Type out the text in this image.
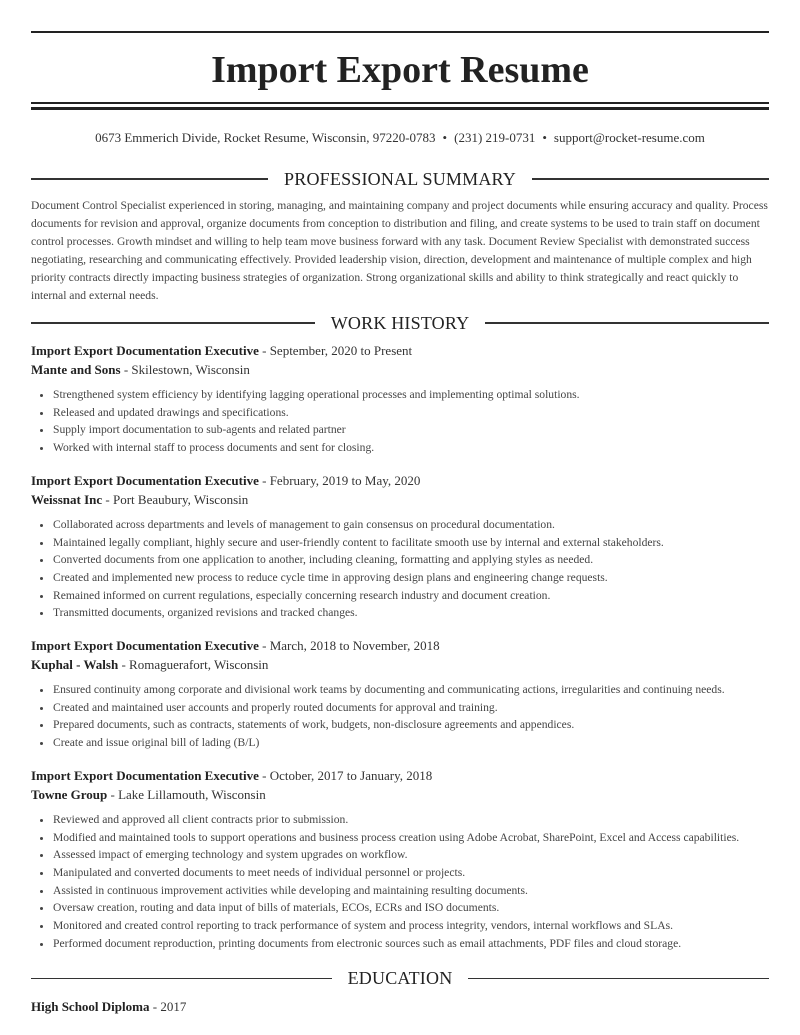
Import Export Resume
0673 Emmerich Divide, Rocket Resume, Wisconsin, 97220-0783 • (231) 219-0731 • support@rocket-resume.com
PROFESSIONAL SUMMARY

Document Control Specialist experienced in storing, managing, and maintaining company and project documents while ensuring accuracy and quality. Process documents for revision and approval, organize documents from conception to distribution and filing, and create systems to be used to train staff on document control processes. Growth mindset and willing to help team move business forward with any task. Document Review Specialist with demonstrated success negotiating, researching and communicating effectively. Provided leadership vision, direction, development and maintenance of multiple complex and high priority contracts directly impacting business strategies of organization. Strong organizational skills and ability to think strategically and react quickly to internal and external needs.

WORK HISTORY
Import Export Documentation Executive - September, 2020 to Present
Mante and Sons - Skilestown, Wisconsin
• Strengthened system efficiency by identifying lagging operational processes and implementing optimal solutions.
• Released and updated drawings and specifications.
• Supply import documentation to sub-agents and related partner
• Worked with internal staff to process documents and sent for closing.
Import Export Documentation Executive - February, 2019 to May, 2020
Weissnat Inc - Port Beaubury, Wisconsin
• Collaborated across departments and levels of management to gain consensus on procedural documentation.
• Maintained legally compliant, highly secure and user-friendly content to facilitate smooth use by internal and external stakeholders.
• Converted documents from one application to another, including cleaning, formatting and applying styles as needed.
• Created and implemented new process to reduce cycle time in approving design plans and engineering change requests.
• Remained informed on current regulations, especially concerning research industry and document creation.
• Transmitted documents, organized revisions and tracked changes.
Import Export Documentation Executive - March, 2018 to November, 2018
Kuphal - Walsh - Romaguerafort, Wisconsin
• Ensured continuity among corporate and divisional work teams by documenting and communicating actions, irregularities and continuing needs.
• Created and maintained user accounts and properly routed documents for approval and training.
• Prepared documents, such as contracts, statements of work, budgets, non-disclosure agreements and appendices.
• Create and issue original bill of lading (B/L)
Import Export Documentation Executive - October, 2017 to January, 2018
Towne Group - Lake Lillamouth, Wisconsin
• Reviewed and approved all client contracts prior to submission.
• Modified and maintained tools to support operations and business process creation using Adobe Acrobat, SharePoint, Excel and Access capabilities.
• Assessed impact of emerging technology and system upgrades on workflow.
• Manipulated and converted documents to meet needs of individual personnel or projects.
• Assisted in continuous improvement activities while developing and maintaining resulting documents.
• Oversaw creation, routing and data input of bills of materials, ECOs, ECRs and ISO documents.
• Monitored and created control reporting to track performance of system and process integrity, vendors, internal workflows and SLAs.
• Performed document reproduction, printing documents from electronic sources such as email attachments, PDF files and cloud storage.
EDUCATION
High School Diploma - 2017
